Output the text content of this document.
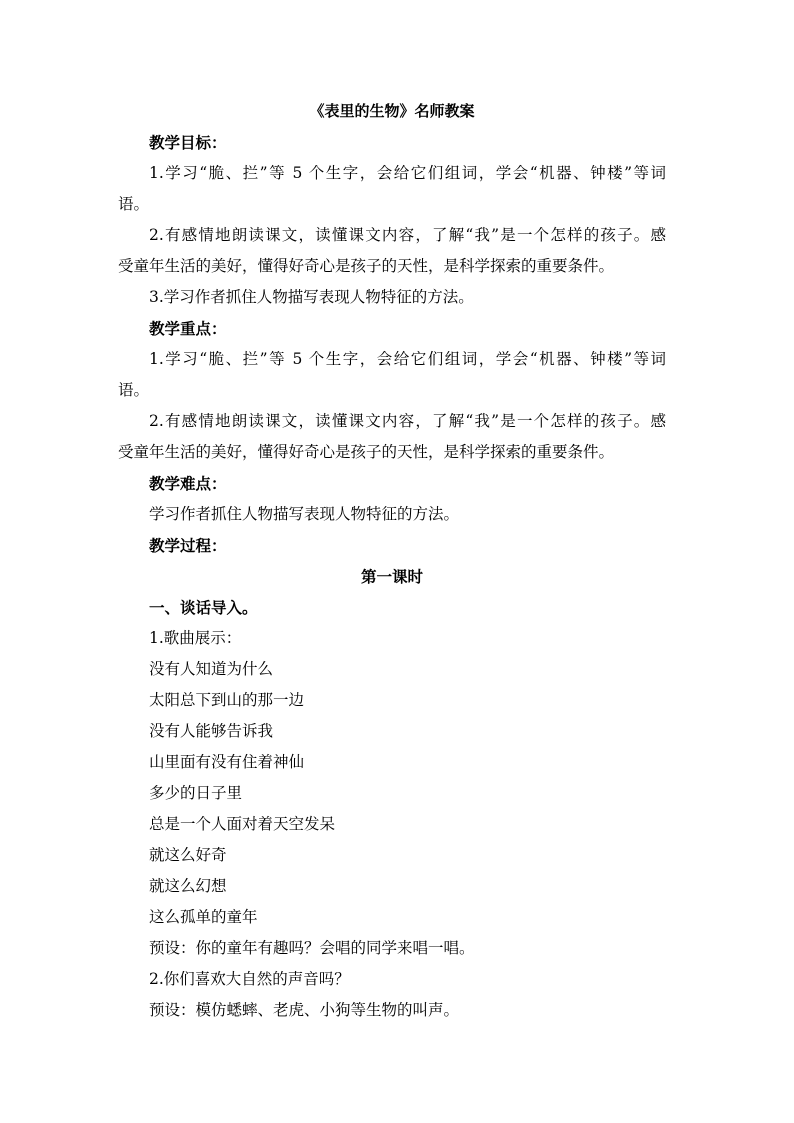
《表里的生物》名师教案
教学目标：
1.学习“脆、拦”等 5 个生字，会给它们组词，学会“机器、钟楼”等词
语。
2.有感情地朗读课文，读懂课文内容，了解“我”是一个怎样的孩子。感
受童年生活的美好，懂得好奇心是孩子的天性，是科学探索的重要条件。
3.学习作者抓住人物描写表现人物特征的方法。
教学重点：
1.学习“脆、拦”等 5 个生字，会给它们组词，学会“机器、钟楼”等词
语。
2.有感情地朗读课文，读懂课文内容，了解“我”是一个怎样的孩子。感
受童年生活的美好，懂得好奇心是孩子的天性，是科学探索的重要条件。
教学难点：
学习作者抓住人物描写表现人物特征的方法。
教学过程：
第一课时
一、谈话导入。
1.歌曲展示：
没有人知道为什么
太阳总下到山的那一边
没有人能够告诉我
山里面有没有住着神仙
多少的日子里
总是一个人面对着天空发呆
就这么好奇
就这么幻想
这么孤单的童年
预设：你的童年有趣吗？会唱的同学来唱一唱。
2.你们喜欢大自然的声音吗？
预设：模仿蟋蟀、老虎、小狗等生物的叫声。
